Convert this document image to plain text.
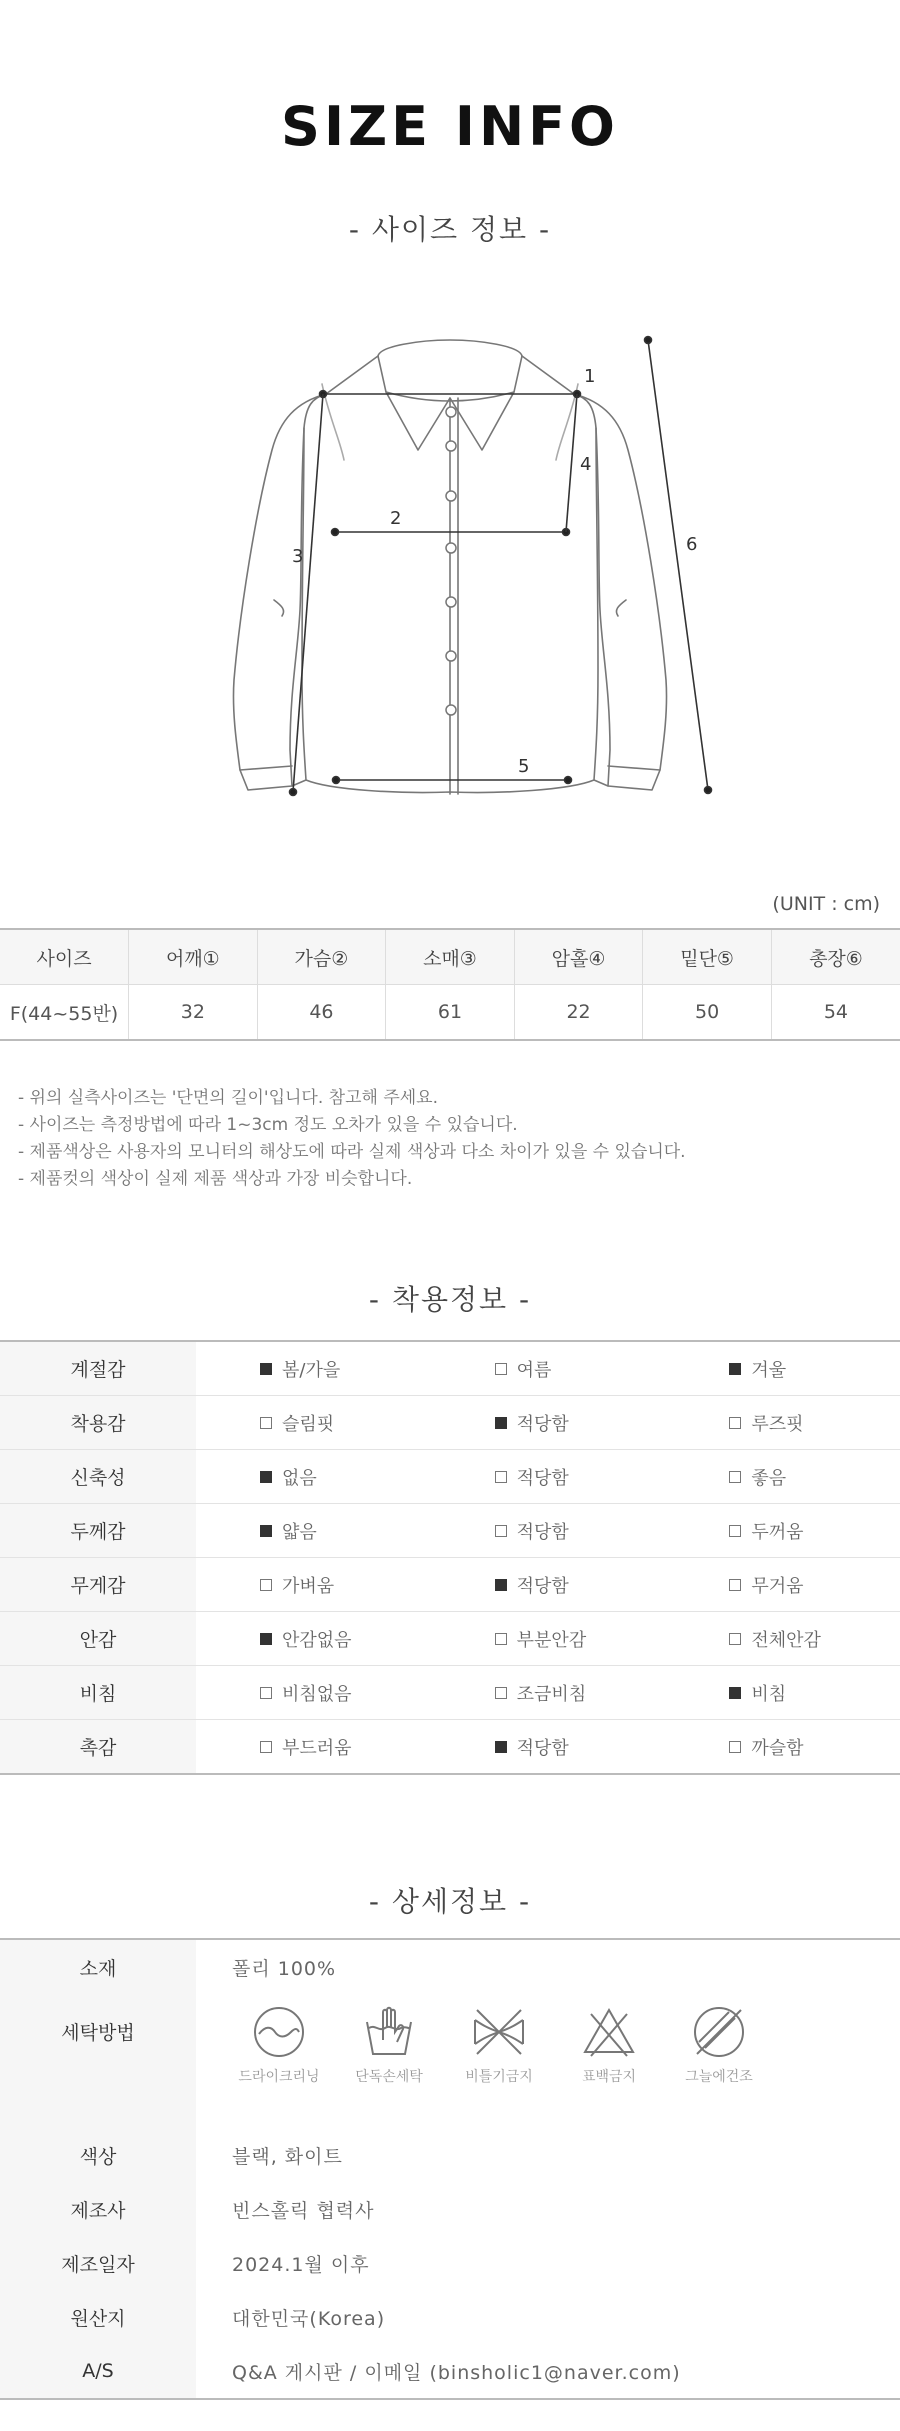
SIZE INFO
- 사이즈 정보 -
1
2
3
4
5
6
(UNIT : cm)
사이즈	어깨①	가슴②	소매③	암홀④	밑단⑤	총장⑥
F(44~55반)	32	46	61	22	50	54
- 위의 실측사이즈는 '단면의 길이'입니다. 참고해 주세요.
- 사이즈는 측정방법에 따라 1~3cm 정도 오차가 있을 수 있습니다.
- 제품색상은 사용자의 모니터의 해상도에 따라 실제 색상과 다소 차이가 있을 수 있습니다.
- 제품컷의 색상이 실제 제품 색상과 가장 비슷합니다.
- 착용정보 -
계절감	봄/가을	여름	겨울
착용감	슬림핏	적당함	루즈핏
신축성	없음	적당함	좋음
두께감	얇음	적당함	두꺼움
무게감	가벼움	적당함	무거움
안감	안감없음	부분안감	전체안감
비침	비침없음	조금비침	비침
촉감	부드러움	적당함	까슬함
- 상세정보 -
소재	폴리 100%
세탁방법	드라이크리닝 단독손세탁 비틀기금지 표백금지 그늘에건조

색상	블랙, 화이트
제조사	빈스홀릭 협력사
제조일자	2024.1월 이후
원산지	대한민국(Korea)
A/S	Q&A 게시판 / 이메일 (binsholic1@naver.com)
